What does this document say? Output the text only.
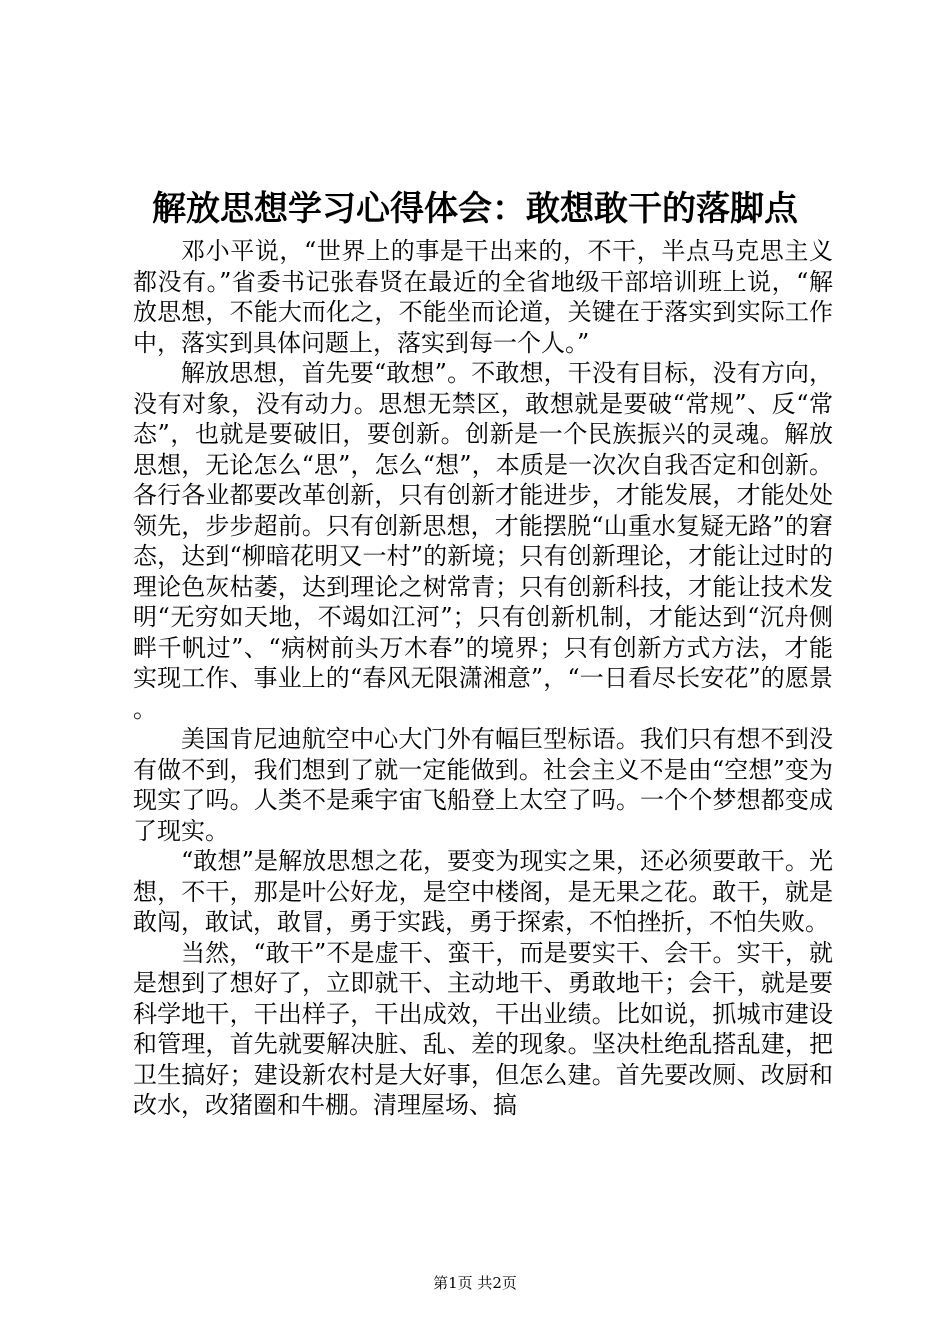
解放思想学习心得体会：敢想敢干的落脚点

邓小平说，“世界上的事是干出来的，不干，半点马克思主义都没有。”省委书记张春贤在最近的全省地级干部培训班上说，“解放思想，不能大而化之，不能坐而论道，关键在于落实到实际工作中，落实到具体问题上，落实到每一个人。”

解放思想，首先要“敢想”。不敢想，干没有目标，没有方向，没有对象，没有动力。思想无禁区，敢想就是要破“常规”、反“常态”，也就是要破旧，要创新。创新是一个民族振兴的灵魂。解放思想，无论怎么“思”，怎么“想”，本质是一次次自我否定和创新。各行各业都要改革创新，只有创新才能进步，才能发展，才能处处领先，步步超前。只有创新思想，才能摆脱“山重水复疑无路”的窘态，达到“柳暗花明又一村”的新境；只有创新理论，才能让过时的理论色灰枯萎，达到理论之树常青；只有创新科技，才能让技术发明“无穷如天地，不竭如江河”；只有创新机制，才能达到“沉舟侧畔千帆过”、“病树前头万木春”的境界；只有创新方式方法，才能实现工作、事业上的“春风无限潇湘意”，“一日看尽长安花”的愿景。

美国肯尼迪航空中心大门外有幅巨型标语。我们只有想不到没有做不到，我们想到了就一定能做到。社会主义不是由“空想”变为现实了吗。人类不是乘宇宙飞船登上太空了吗。一个个梦想都变成了现实。

“敢想”是解放思想之花，要变为现实之果，还必须要敢干。光想，不干，那是叶公好龙，是空中楼阁，是无果之花。敢干，就是敢闯，敢试，敢冒，勇于实践，勇于探索，不怕挫折，不怕失败。

当然，“敢干”不是虚干、蛮干，而是要实干、会干。实干，就是想到了想好了，立即就干、主动地干、勇敢地干；会干，就是要科学地干，干出样子，干出成效，干出业绩。比如说，抓城市建设和管理，首先就要解决脏、乱、差的现象。坚决杜绝乱搭乱建，把卫生搞好；建设新农村是大好事，但怎么建。首先要改厕、改厨和改水，改猪圈和牛棚。清理屋场、搞

第1页 共2页
